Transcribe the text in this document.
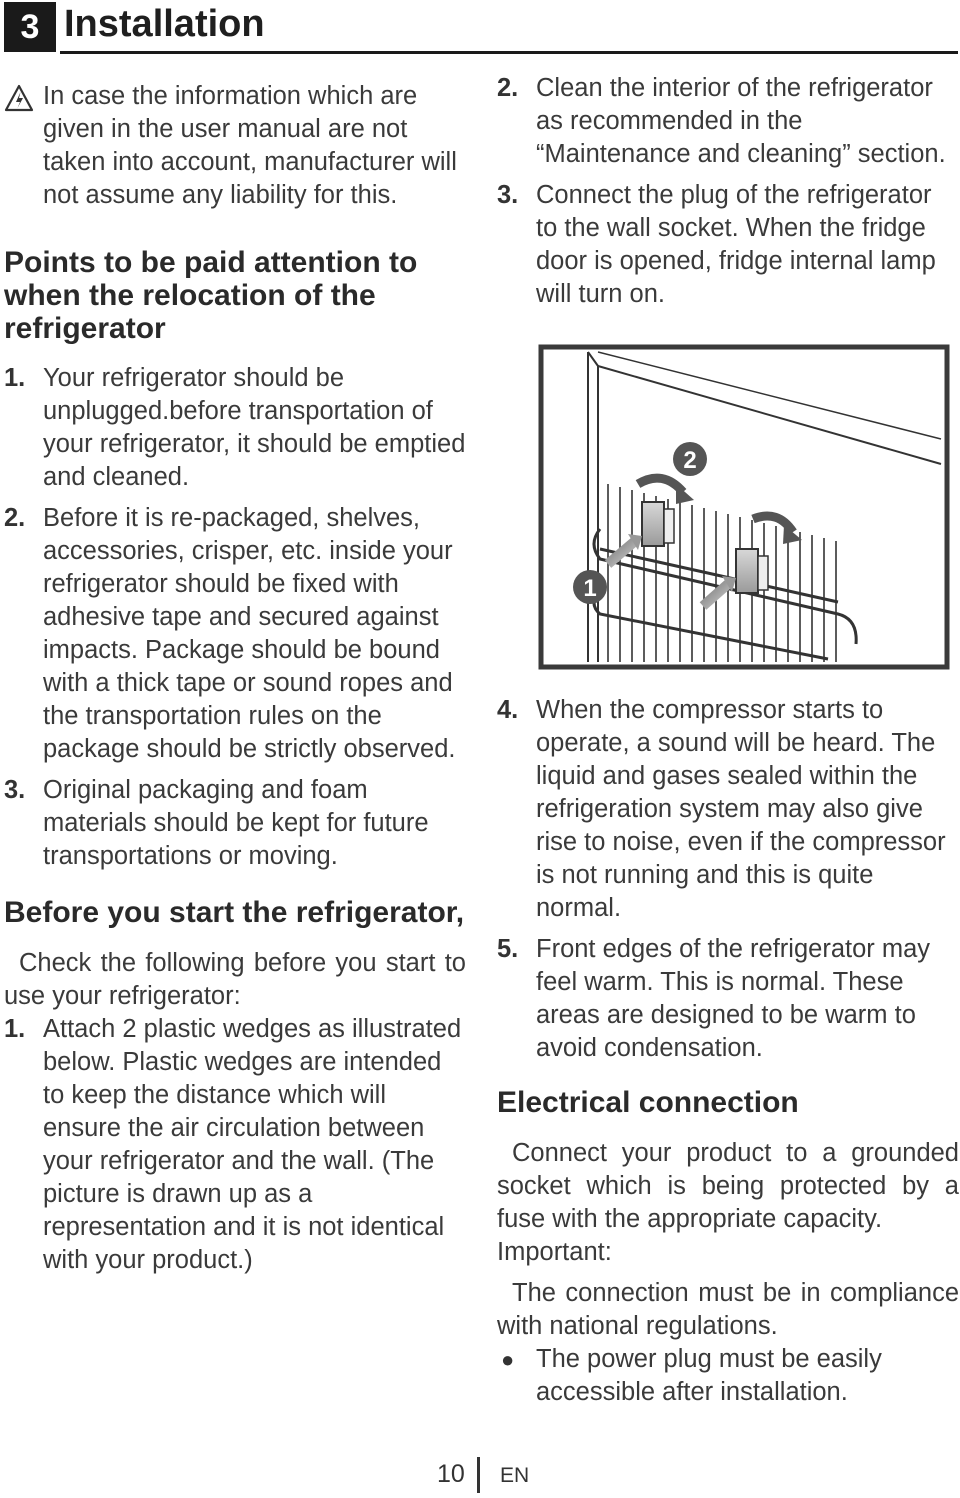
3 Installation

In case the information which are given in the user manual are not taken into account, manufacturer will not assume any liability for this.

Points to be paid attention to when the relocation of the refrigerator
1. Your refrigerator should be unplugged.before transportation of your refrigerator, it should be emptied and cleaned.
2. Before it is re-packaged, shelves, accessories, crisper, etc. inside your refrigerator should be fixed with adhesive tape and secured against impacts. Package should be bound with a thick tape or sound ropes and the transportation rules on the package should be strictly observed.
3. Original packaging and foam materials should be kept for future transportations or moving.
Before you start the refrigerator,

Check the following before you start to use your refrigerator:

1. Attach 2 plastic wedges as illustrated below. Plastic wedges are intended to keep the distance which will ensure the air circulation between your refrigerator and the wall. (The picture is drawn up as a representation and it is not identical with your product.)
2. Clean the interior of the refrigerator as recommended in the “Maintenance and cleaning” section.
3. Connect the plug of the refrigerator to the wall socket. When the fridge door is opened, fridge internal lamp will turn on.
4. When the compressor starts to operate, a sound will be heard. The liquid and gases sealed within the refrigeration system may also give rise to noise, even if the compressor is not running and this is quite normal.
5. Front edges of the refrigerator may feel warm. This is normal. These areas are designed to be warm to avoid condensation.
Electrical connection

Connect your product to a grounded socket which is being protected by a fuse with the appropriate capacity.

Important:

The connection must be in compliance with national regulations.

● The power plug must be easily accessible after installation.
1
2
10 EN
